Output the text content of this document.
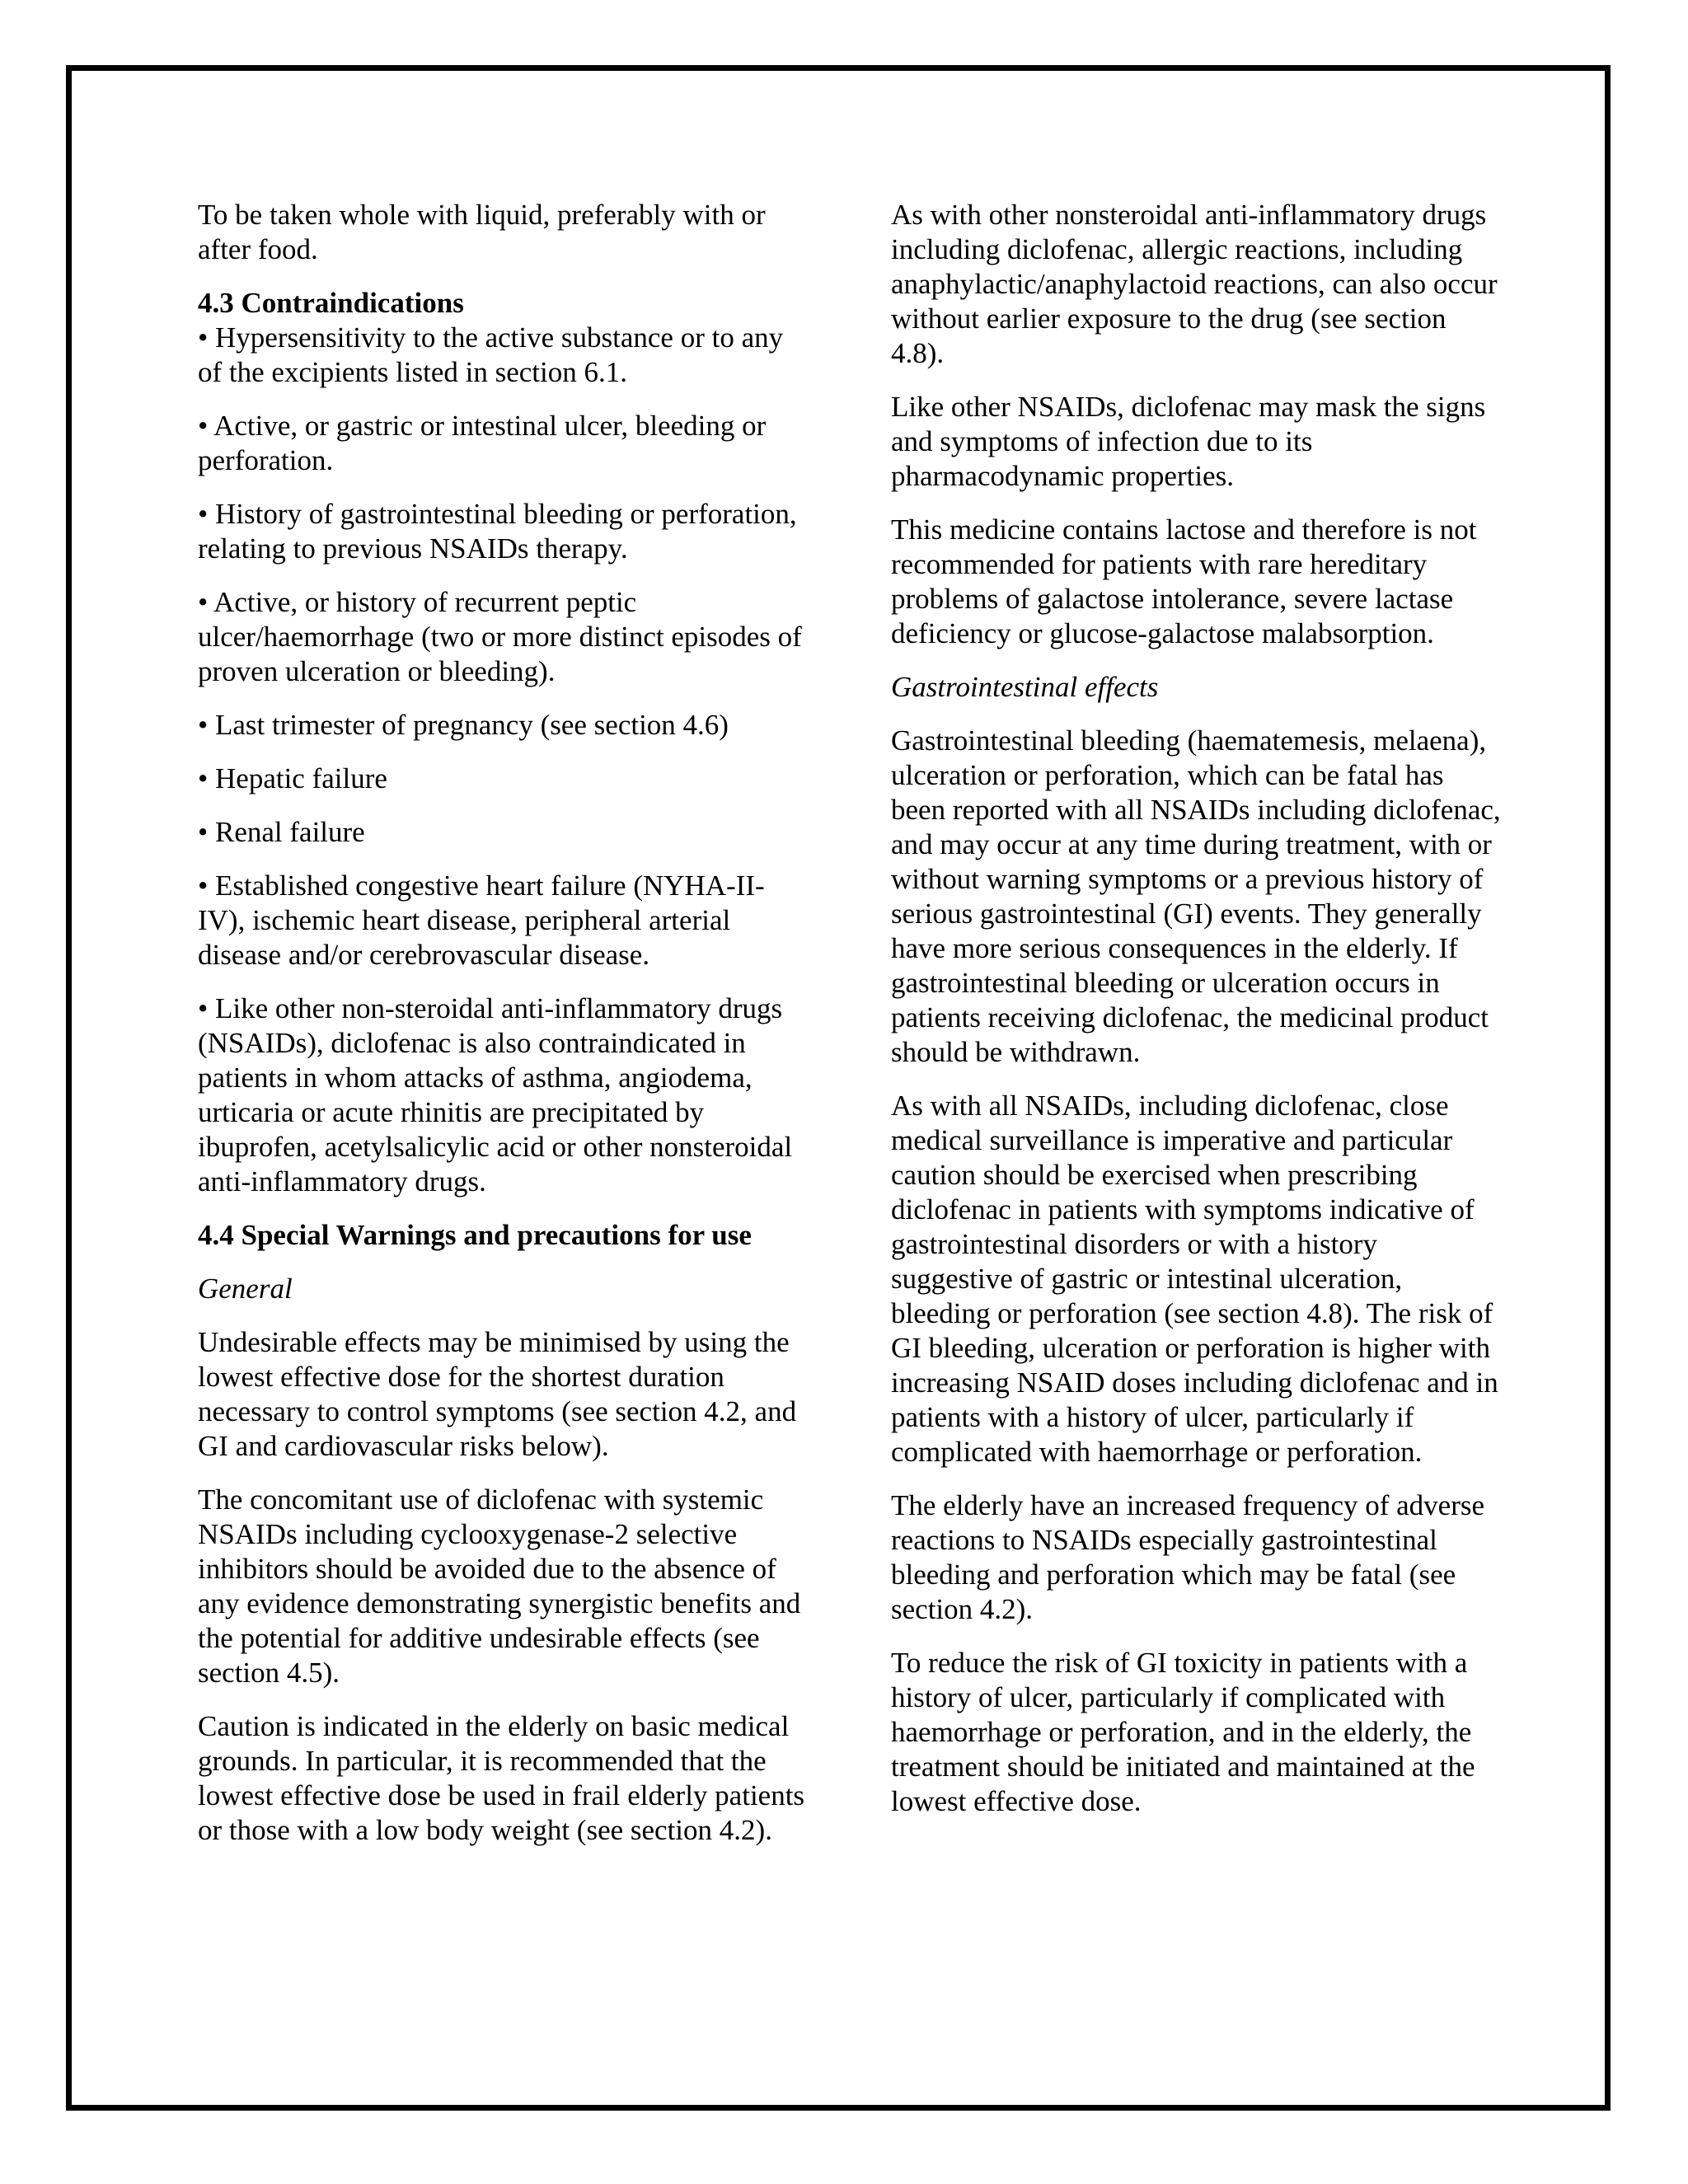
To be taken whole with liquid, preferably with or after food.

4.3 Contraindications

• Hypersensitivity to the active substance or to any of the excipients listed in section 6.1.

• Active, or gastric or intestinal ulcer, bleeding or perforation.

• History of gastrointestinal bleeding or perforation, relating to previous NSAIDs therapy.

• Active, or history of recurrent peptic ulcer/haemorrhage (two or more distinct episodes of proven ulceration or bleeding).

• Last trimester of pregnancy (see section 4.6)

• Hepatic failure

• Renal failure

• Established congestive heart failure (NYHA-II-IV), ischemic heart disease, peripheral arterial disease and/or cerebrovascular disease.

• Like other non-steroidal anti-inflammatory drugs (NSAIDs), diclofenac is also contraindicated in patients in whom attacks of asthma, angiodema, urticaria or acute rhinitis are precipitated by ibuprofen, acetylsalicylic acid or other nonsteroidal anti-inflammatory drugs.

4.4 Special Warnings and precautions for use

General

Undesirable effects may be minimised by using the lowest effective dose for the shortest duration necessary to control symptoms (see section 4.2, and GI and cardiovascular risks below).

The concomitant use of diclofenac with systemic NSAIDs including cyclooxygenase-2 selective inhibitors should be avoided due to the absence of any evidence demonstrating synergistic benefits and the potential for additive undesirable effects (see section 4.5).

Caution is indicated in the elderly on basic medical grounds. In particular, it is recommended that the lowest effective dose be used in frail elderly patients or those with a low body weight (see section 4.2).

As with other nonsteroidal anti-inflammatory drugs including diclofenac, allergic reactions, including anaphylactic/anaphylactoid reactions, can also occur without earlier exposure to the drug (see section 4.8).

Like other NSAIDs, diclofenac may mask the signs and symptoms of infection due to its pharmacodynamic properties.

This medicine contains lactose and therefore is not recommended for patients with rare hereditary problems of galactose intolerance, severe lactase deficiency or glucose-galactose malabsorption.

Gastrointestinal effects

Gastrointestinal bleeding (haematemesis, melaena), ulceration or perforation, which can be fatal has been reported with all NSAIDs including diclofenac, and may occur at any time during treatment, with or without warning symptoms or a previous history of serious gastrointestinal (GI) events. They generally have more serious consequences in the elderly. If gastrointestinal bleeding or ulceration occurs in patients receiving diclofenac, the medicinal product should be withdrawn.

As with all NSAIDs, including diclofenac, close medical surveillance is imperative and particular caution should be exercised when prescribing diclofenac in patients with symptoms indicative of gastrointestinal disorders or with a history suggestive of gastric or intestinal ulceration, bleeding or perforation (see section 4.8). The risk of GI bleeding, ulceration or perforation is higher with increasing NSAID doses including diclofenac and in patients with a history of ulcer, particularly if complicated with haemorrhage or perforation.

The elderly have an increased frequency of adverse reactions to NSAIDs especially gastrointestinal bleeding and perforation which may be fatal (see section 4.2).

To reduce the risk of GI toxicity in patients with a history of ulcer, particularly if complicated with haemorrhage or perforation, and in the elderly, the treatment should be initiated and maintained at the lowest effective dose.
